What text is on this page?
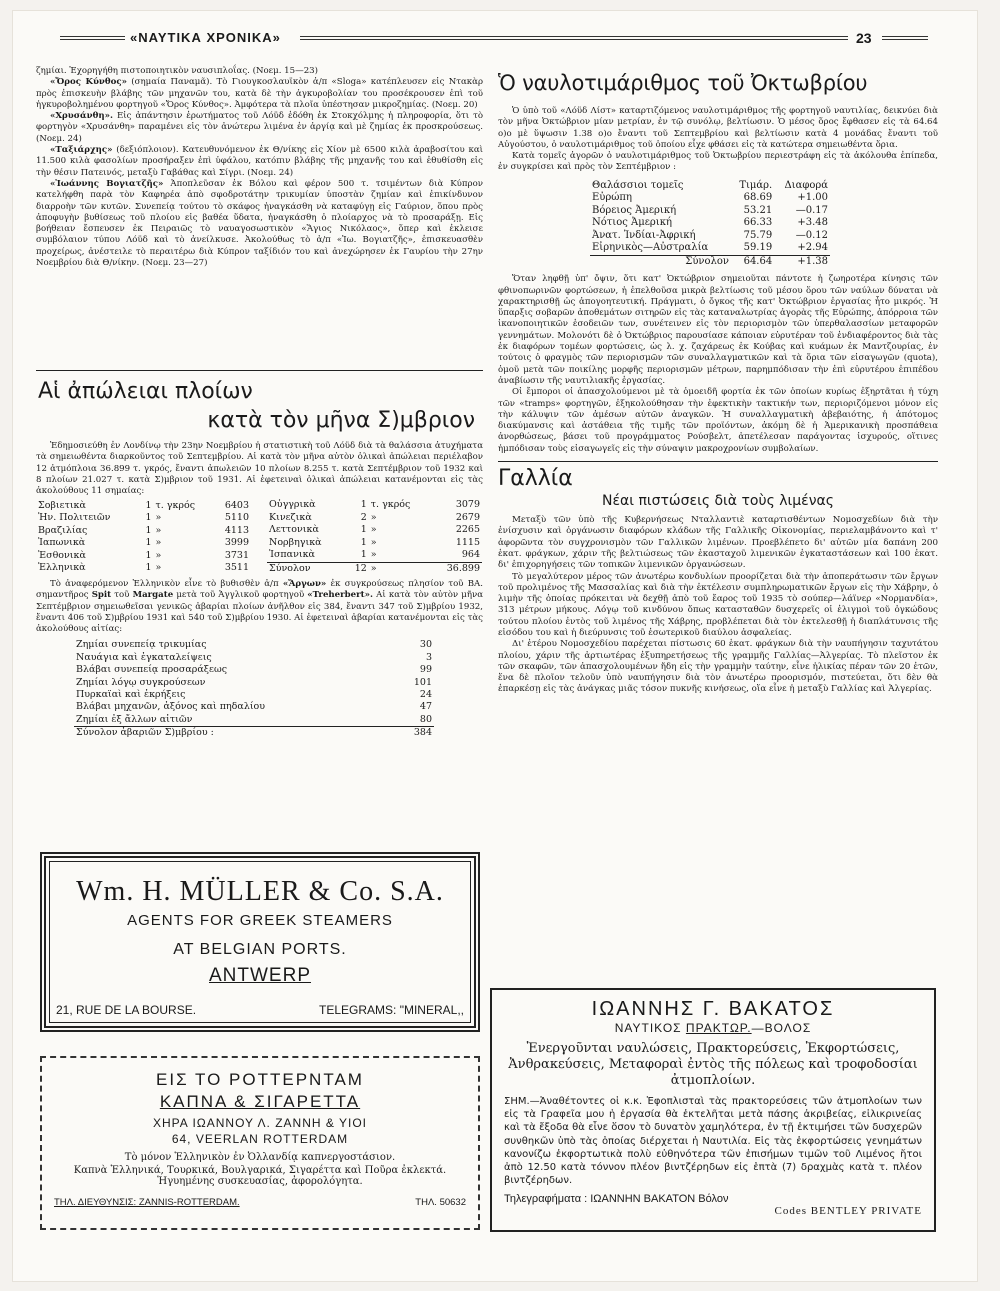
«ΝΑΥΤΙΚΑ ΧΡΟΝΙΚΑ»	23

ζημίαι. Ἐχορηγήθη πιστοποιητικὸν ναυσιπλοΐας. (Νοεμ. 15—23)

«Ὄρος Κύνθος» (σημαία Παναμᾶ). Τὸ Γιουγκοσλαυϊκὸν ἀ/π «Sloga» κατέπλευσεν εἰς Ντακὰρ πρὸς ἐπισκευὴν βλάβης τῶν μηχανῶν του, κατὰ δὲ τὴν ἀγκυροβολίαν του προσέκρουσεν ἐπὶ τοῦ ἠγκυροβολημένου φορτηγοῦ «Ὄρος Κύνθος». Ἀμφότερα τὰ πλοῖα ὑπέστησαν μικροζημίας. (Νοεμ. 20)

«Χρυσάνθη». Εἰς ἀπάντησιν ἐρωτήματος τοῦ Λόϋδ ἐδόθη ἐκ Στοκχόλμης ἡ πληροφορία, ὅτι τὸ φορτηγὸν «Χρυσάνθη» παραμένει εἰς τὸν ἀνώτερω λιμένα ἐν ἀργίᾳ καὶ μὲ ζημίας ἐκ προσκρούσεως. (Νοεμ. 24)

«Ταξιάρχης» (δεξιόπλοιον). Κατευθυνόμενον ἐκ Θ/νίκης εἰς Χίον μὲ 6500 κιλὰ ἀραβοσίτου καὶ 11.500 κιλὰ φασολίων προσήραξεν ἐπὶ ὑφάλου, κατόπιν βλάβης τῆς μηχανῆς του καὶ ἐθυθίσθη εἰς τὴν θέσιν Πατεινός, μεταξὺ Γαβάθας καὶ Σίγρι. (Νοεμ. 24)

«Ἰωάννης Βογιατζῆς» Ἀποπλεῦσαν ἐκ Βόλου καὶ φέρον 500 τ. τσιμέντων διὰ Κύπρον κατελήφθη παρὰ τὸν Καφηρέα ἀπὸ σφοδροτάτην τρικυμίαν ὑποστὰν ζημίαν καὶ ἐπικίνδυνον διαρροὴν τῶν κυτῶν. Συνεπείᾳ τούτου τὸ σκάφος ἠναγκάσθη νὰ καταφύγῃ εἰς Γαύριον, ὅπου πρὸς ἀποφυγὴν βυθίσεως τοῦ πλοίου εἰς βαθέα ὕδατα, ἠναγκάσθη ὁ πλοίαρχος νὰ τὸ προσαράξῃ. Εἰς βοήθειαν ἔσπευσεν ἐκ Πειραιῶς τὸ ναυαγοσωστικὸν «Ἅγιος Νικόλαος», ὅπερ καὶ ἐκλεισε συμβόλαιον τύπου Λόϋδ καὶ τὸ ἀνείλκυσε. Ἀκολούθως τὸ ἀ/π «Ἰω. Βογιατζῆς», ἐπισκευασθὲν προχείρως, ἀνέστειλε τὸ περαιτέρω διὰ Κύπρον ταξίδιόν του καὶ ἀνεχώρησεν ἐκ Γαυρίου τὴν 27ην Νοεμβρίου διὰ Θ/νίκην. (Νοεμ. 23—27)

Αἱ ἀπώλειαι πλοίων
κατὰ τὸν μῆνα Σ)μβριον

Ἐδημοσιεύθη ἐν Λονδίνῳ τὴν 23ην Νοεμβρίου ἡ στατιστικὴ τοῦ Λόϋδ διὰ τὰ θαλάσσια ἀτυχήματα τὰ σημειωθέντα διαρκοῦντος τοῦ Σεπτεμβρίου. Αἱ κατὰ τὸν μῆνα αὐτὸν ὁλικαὶ ἀπώλειαι περιέλαβον 12 ἀτμόπλοια 36.899 τ. γκρός, ἔναντι ἀπωλειῶν 10 πλοίων 8.255 τ. κατὰ Σεπτέμβριον τοῦ 1932 καὶ 8 πλοίων 21.027 τ. κατὰ Σ)μβριον τοῦ 1931. Αἱ ἐφετειναὶ ὁλικαὶ ἀπώλειαι κατανέμονται εἰς τὰς ἀκολούθους 11 σημαίας:

Σοβιετικὰ	1	τ. γκρός	6403
Ἡν. Πολιτειῶν	1	»	5110
Βραζιλίας	1	»	4113
Ἰαπωνικὰ	1	»	3999
Ἐσθονικὰ	1	»	3731
Ἑλληνικὰ	1	»	3511
Οὐγγρικὰ	1	τ. γκρός	3079
Κινεζικὰ	2	»	2679
Λεττονικὰ	1	»	2265
Νορβηγικὰ	1	»	1115
Ἰσπανικὰ	1	»	964
Σύνολον	12	»	36.899

Τὸ ἀναφερόμενον Ἑλληνικὸν εἶνε τὸ βυθισθὲν ἀ/π «Ἄργων» ἐκ συγκρούσεως πλησίον τοῦ ΒΑ. σημαντῆρος Spit τοῦ Margate μετὰ τοῦ Ἀγγλικοῦ φορτηγοῦ «Treherbert». Αἱ κατὰ τὸν αὐτὸν μῆνα Σεπτέμβριον σημειωθεῖσαι γενικῶς ἀβαρίαι πλοίων ἀνῆλθον εἰς 384, ἔναντι 347 τοῦ Σ)μβρίου 1932, ἔναντι 406 τοῦ Σ)μβρίου 1931 καὶ 540 τοῦ Σ)μβρίου 1930. Αἱ ἐφετειναὶ ἀβαρίαι κατανέμονται εἰς τὰς ἀκολούθους αἰτίας:

Ζημίαι συνεπείᾳ τρικυμίας	30
Ναυάγια καὶ ἐγκαταλείψεις	3
Βλάβαι συνεπείᾳ προσαράξεως	99
Ζημίαι λόγῳ συγκρούσεων	101
Πυρκαϊαὶ καὶ ἐκρήξεις	24
Βλάβαι μηχανῶν, ἀξόνος καὶ πηδαλίου	47
Ζημίαι ἐξ ἄλλων αἰτιῶν	80
Σύνολον ἀβαριῶν Σ)μβρίου :	384
Wm. H. MÜLLER & Co. S.A.
AGENTS FOR GREEK STEAMERS
AT BELGIAN PORTS.
ANTWERP
21, RUE DE LA BOURSE.	TELEGRAMS: "MINERAL,,
ΕΙΣ ΤΟ ΡΟΤΤΕΡΝΤΑΜ
ΚΑΠΝΑ & ΣΙΓΑΡΕΤΤΑ
ΧΗΡΑ ΙΩΑΝΝΟΥ Λ. ΖΑΝΝΗ & ΥΙΟΙ
64, VEERLAN ROTTERDAM
Τὸ μόνον Ἑλληνικὸν ἐν Ὀλλανδίᾳ καπνεργοστάσιον.
Καπνὰ Ἑλληνικά, Τουρκικά, Βουλγαρικά, Σιγαρέττα καὶ Ποῦρα ἐκλεκτά. Ἡγυημένης συσκευασίας, ἀφορολόγητα.
ΤΗΛ. ΔΙΕΥΘΥΝΣΙΣ: ZANNIS-ROTTERDAM.	ΤΗΛ. 50632
Ὁ ναυλοτιμάριθμος τοῦ Ὀκτωβρίου

Ὁ ὑπὸ τοῦ «Λόϋδ Λίστ» καταρτιζόμενος ναυλοτιμάριθμος τῆς φορτηγοῦ ναυτιλίας, δεικνύει διὰ τὸν μῆνα Ὀκτώβριον μίαν μετρίαν, ἐν τῷ συνόλῳ, βελτίωσιν. Ὁ μέσος ὅρος ἔφθασεν εἰς τὰ 64.64 ο)ο μὲ ὕψωσιν 1.38 ο)ο ἔναντι τοῦ Σεπτεμβρίου καὶ βελτίωσιν κατὰ 4 μονάδας ἔναντι τοῦ Αὐγούστου, ὁ ναυλοτιμάριθμος τοῦ ὁποίου εἶχε φθάσει εἰς τὰ κατώτερα σημειωθέντα ὅρια.

Κατὰ τομεῖς ἀγορῶν ὁ ναυλοτιμάριθμος τοῦ Ὀκτωβρίου περιεστράφη εἰς τὰ ἀκόλουθα ἐπίπεδα, ἐν συγκρίσει καὶ πρὸς τὸν Σεπτέμβριον :

Θαλάσσιοι τομεῖς	Τιμάρ.	Διαφορά
Εὐρώπη	68.69	+1.00
Βόρειος Ἀμερική	53.21	—0.17
Νότιος Ἀμερική	66.33	+3.48
Ἀνατ. Ἰνδίαι-Ἀφρική	75.79	—0.12
Εἰρηνικὸς—Αὐστραλία	59.19	+2.94
Σύνολον	64.64	+1.38

Ὅταν ληφθῇ ὑπ' ὄψιν, ὅτι κατ' Ὀκτώβριον σημειοῦται πάντοτε ἡ ζωηροτέρα κίνησις τῶν φθινοπωρινῶν φορτώσεων, ἡ ἐπελθοῦσα μικρὰ βελτίωσις τοῦ μέσου ὅρου τῶν ναύλων δύναται νὰ χαρακτηρισθῇ ὡς ἀπογοητευτική. Πράγματι, ὁ ὄγκος τῆς κατ' Ὀκτώβριον ἐργασίας ἦτο μικρός. Ἡ ὕπαρξις σοβαρῶν ἀποθεμάτων σιτηρῶν εἰς τὰς καταναλωτρίας ἀγορὰς τῆς Εὐρώπης, ἀπόρροια τῶν ἱκανοποιητικῶν ἐσοδειῶν των, συνέτεινεν εἰς τὸν περιορισμὸν τῶν ὑπερθαλασσίων μεταφορῶν γεννημάτων. Μολονότι δὲ ὁ Ὀκτώβριος παρουσίασε κάποιαν εὐρυτέραν τοῦ ἐνδιαφέροντος διὰ τὰς ἐκ διαφόρων τομέων φορτώσεις, ὡς λ. χ. ζαχάρεως ἐκ Κούβας καὶ κυάμων ἐκ Μαντζουρίας, ἐν τούτοις ὁ φραγμὸς τῶν περιορισμῶν τῶν συναλλαγματικῶν καὶ τὰ ὅρια τῶν εἰσαγωγῶν (quota), ὁμοῦ μετὰ τῶν ποικίλης μορφῆς περιορισμῶν μέτρων, παρημπόδισαν τὴν ἐπὶ εὐρυτέρου ἐπιπέδου ἀναβίωσιν τῆς ναυτιλιακῆς ἐργασίας.

Οἱ ἔμποροι οἱ ἀπασχολούμενοι μὲ τὰ ὁμοειδῆ φορτία ἐκ τῶν ὁποίων κυρίως ἐξηρτᾶται ἡ τύχη τῶν «tramps» φορτηγῶν, ἐξηκολούθησαν τὴν ἐφεκτικὴν τακτικήν των, περιοριζόμενοι μόνον εἰς τὴν κάλυψιν τῶν ἀμέσων αὐτῶν ἀναγκῶν. Ἡ συναλλαγματικὴ ἀβεβαιότης, ἡ ἀπότομος διακύμανσις καὶ ἀστάθεια τῆς τιμῆς τῶν προϊόντων, ἀκόμη δὲ ἡ Ἀμερικανικὴ προσπάθεια ἀνορθώσεως, βάσει τοῦ προγράμματος Ρούσβελτ, ἀπετέλεσαν παράγοντας ἰσχυρούς, οἵτινες ἠμπόδισαν τοὺς εἰσαγωγεῖς εἰς τὴν σύναψιν μακροχρονίων συμβολαίων.

Γαλλία
Νέαι πιστώσεις διὰ τοὺς λιμένας

Μεταξὺ τῶν ὑπὸ τῆς Κυβερνήσεως Νταλλαντιὲ καταρτισθέντων Νομοσχεδίων διὰ τὴν ἐνίσχυσιν καὶ ὀργάνωσιν διαφόρων κλάδων τῆς Γαλλικῆς Οἰκονομίας, περιελαμβάνοντο καὶ τ' ἀφορῶντα τὸν συγχρονισμὸν τῶν Γαλλικῶν λιμένων. Προεβλέπετο δι' αὐτῶν μία δαπάνη 200 ἑκατ. φράγκων, χάριν τῆς βελτιώσεως τῶν ἑκασταχοῦ λιμενικῶν ἐγκαταστάσεων καὶ 100 ἑκατ. δι' ἐπιχορηγήσεις τῶν τοπικῶν λιμενικῶν ὀργανώσεων.

Τὸ μεγαλύτερον μέρος τῶν ἀνωτέρω κονδυλίων προορίζεται διὰ τὴν ἀποπεράτωσιν τῶν ἔργων τοῦ προλιμένος τῆς Μασσαλίας καὶ διὰ τὴν ἐκτέλεσιν συμπληρωματικῶν ἔργων εἰς τὴν Χάβρην, ὁ λιμὴν τῆς ὁποίας πρόκειται νὰ δεχθῇ ἀπὸ τοῦ ἔαρος τοῦ 1935 τὸ σούπερ—λάϊνερ «Νορμανδία», 313 μέτρων μήκους. Λόγῳ τοῦ κινδύνου ὅπως κατασταθῶν δυσχερεῖς οἱ ἐλιγμοὶ τοῦ ὀγκώδους τούτου πλοίου ἐντὸς τοῦ λιμένος τῆς Χάβρης, προβλέπεται διὰ τὸν ἐκτελεσθῇ ἡ διαπλάτυνσις τῆς εἰσόδου του καὶ ἡ διεύρυνσις τοῦ ἐσωτερικοῦ διαύλου ἀσφαλείας.

Δι' ἑτέρου Νομοσχεδίου παρέχεται πίστωσις 60 ἑκατ. φράγκων διὰ τὴν ναυπήγησιν ταχυτάτου πλοίου, χάριν τῆς ἀρτιωτέρας ἐξυπηρετήσεως τῆς γραμμῆς Γαλλίας—Ἀλγερίας. Τὸ πλεῖστον ἐκ τῶν σκαφῶν, τῶν ἀπασχολουμένων ἤδη εἰς τὴν γραμμὴν ταύτην, εἶνε ἡλικίας πέραν τῶν 20 ἐτῶν, ἕνα δὲ πλοῖον τελοῦν ὑπὸ ναυπήγησιν διὰ τὸν ἀνωτέρω προορισμόν, πιστεύεται, ὅτι δὲν θὰ ἐπαρκέσῃ εἰς τὰς ἀνάγκας μιᾶς τόσον πυκνῆς κινήσεως, οἵα εἶνε ἡ μεταξὺ Γαλλίας καὶ Ἀλγερίας.

ΙΩΑΝΝΗΣ Γ. ΒΑΚΑΤΟΣ
ΝΑΥΤΙΚΟΣ ΠΡΑΚΤΩΡ.—ΒΟΛΟΣ
Ἐνεργοῦνται ναυλώσεις, Πρακτορεύσεις, Ἐκφορτώσεις, Ἀνθρακεύσεις, Μεταφοραὶ ἐντὸς τῆς πόλεως καὶ τροφοδοσίαι ἀτμοπλοίων.
ΣΗΜ.—Ἀναθέτοντες οἱ κ.κ. Ἐφοπλισταὶ τὰς πρακτορεύσεις τῶν ἀτμοπλοίων των εἰς τὰ Γραφεῖα μου ἡ ἐργασία θὰ ἐκτελῆται μετὰ πάσης ἀκριβείας, εἰλικρινείας καὶ τὰ ἔξοδα θὰ εἶνε ὅσον τὸ δυνατὸν χαμηλότερα, ἐν τῇ ἐκτιμήσει τῶν δυσχερῶν συνθηκῶν ὑπὸ τὰς ὁποίας διέρχεται ἡ Ναυτιλία. Εἰς τὰς ἐκφορτώσεις γενημάτων κανονίζω ἐκφορτωτικὰ πολὺ εὐθηνότερα τῶν ἐπισήμων τιμῶν τοῦ Λιμένος ἤτοι ἀπὸ 12.50 κατὰ τόννον πλέον βιντζέρηδων εἰς ἑπτὰ (7) δραχμὰς κατὰ τ. πλέον βιντζέρηδων.
Τηλεγραφήματα : ΙΩΑΝΝΗΝ ΒΑΚΑΤΟΝ Βόλον
Codes BENTLEY PRIVATE
